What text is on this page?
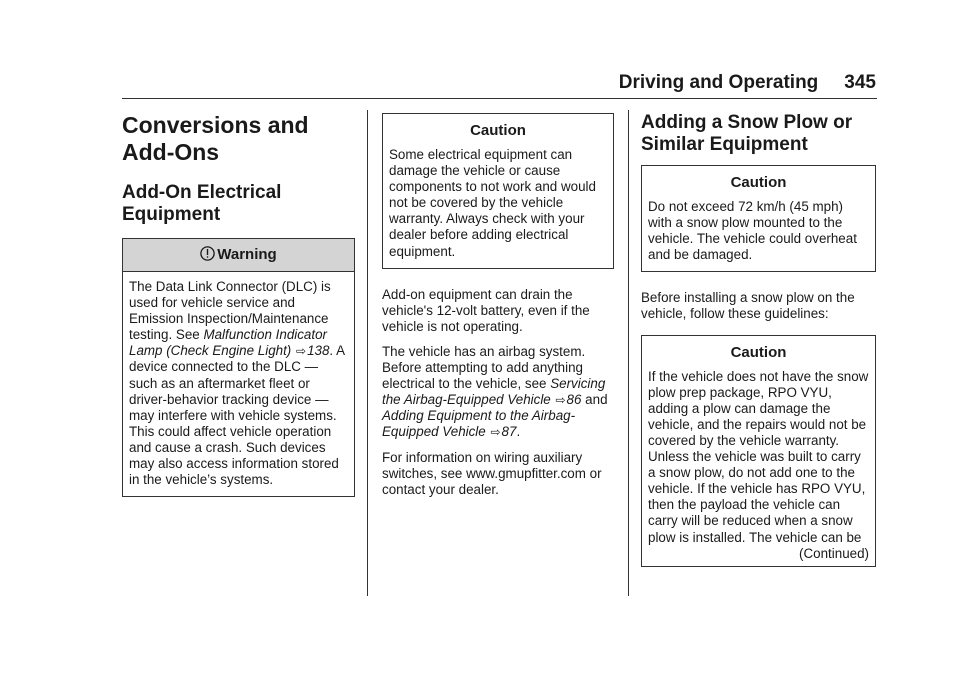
Driving and Operating 345
Conversions and
Add-Ons
Add-On Electrical
Equipment
Warning
The Data Link Connector (DLC) is used for vehicle service and Emission Inspection/Maintenance testing. See Malfunction Indicator Lamp (Check Engine Light) ⇨138. A device connected to the DLC — such as an aftermarket fleet or driver-behavior tracking device — may interfere with vehicle systems. This could affect vehicle operation and cause a crash. Such devices may also access information stored in the vehicle’s systems.
Caution
Some electrical equipment can damage the vehicle or cause components to not work and would not be covered by the vehicle warranty. Always check with your dealer before adding electrical equipment.

Add-on equipment can drain the vehicle's 12-volt battery, even if the vehicle is not operating.

The vehicle has an airbag system. Before attempting to add anything electrical to the vehicle, see Servicing the Airbag-Equipped Vehicle ⇨86 and Adding Equipment to the Airbag-Equipped Vehicle ⇨87.

For information on wiring auxiliary switches, see www.gmupfitter.com or contact your dealer.

Adding a Snow Plow or
Similar Equipment
Caution
Do not exceed 72 km/h (45 mph) with a snow plow mounted to the vehicle. The vehicle could overheat and be damaged.

Before installing a snow plow on the vehicle, follow these guidelines:

Caution
If the vehicle does not have the snow plow prep package, RPO VYU, adding a plow can damage the vehicle, and the repairs would not be covered by the vehicle warranty. Unless the vehicle was built to carry a snow plow, do not add one to the vehicle. If the vehicle has RPO VYU, then the payload the vehicle can carry will be reduced when a snow plow is installed. The vehicle can be
(Continued)
